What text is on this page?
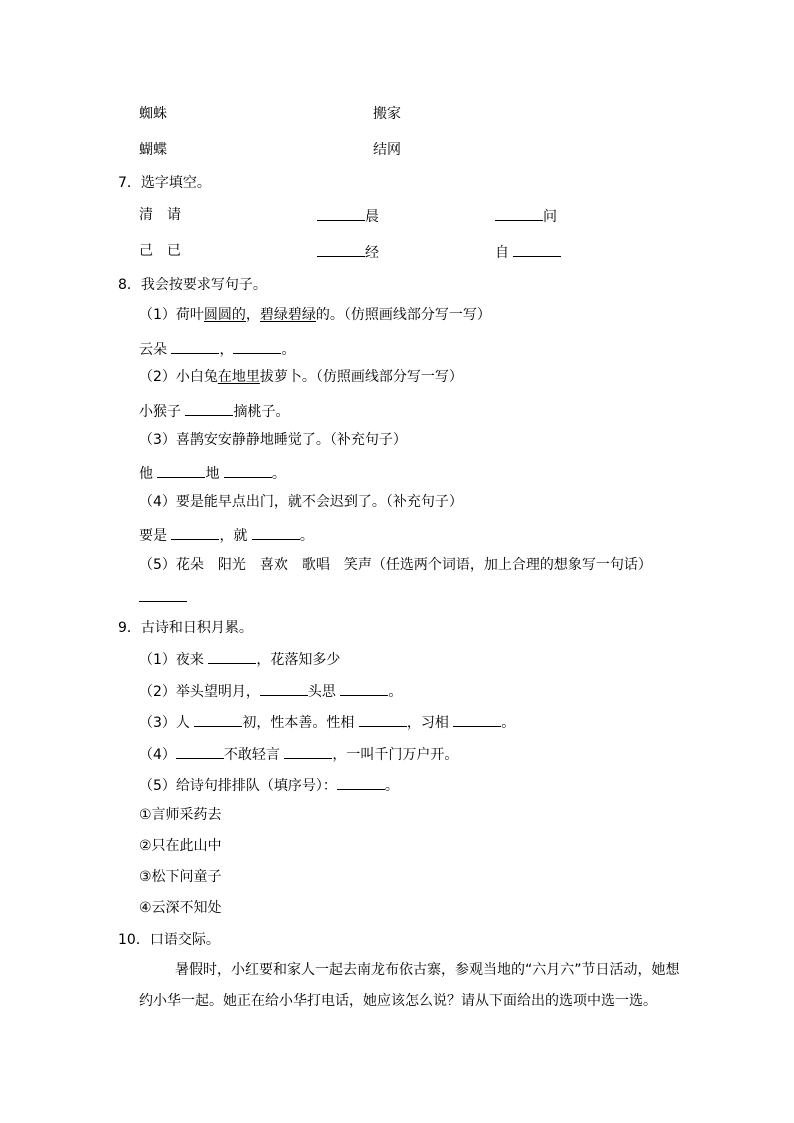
蜘蛛	搬家
蝴蝶	结网
7．选字填空。
清　请	晨	问
己　已	经	自
8．我会按要求写句子。
（1）荷叶圆圆的，碧绿碧绿的。（仿照画线部分写一写）
云朵	，	。
（2）小白兔在地里拔萝卜。（仿照画线部分写一写）
小猴子	摘桃子。
（3）喜鹊安安静静地睡觉了。（补充句子）
他	地	。
（4）要是能早点出门，就不会迟到了。（补充句子）
要是	，就	。
（5）花朵　阳光　喜欢　歌唱　笑声（任选两个词语，加上合理的想象写一句话）
9．古诗和日积月累。
（1）夜来	，花落知多少
（2）举头望明月，	头思	。
（3）人	初，性本善。性相	，习相	。
（4）	不敢轻言	，一叫千门万户开。
（5）给诗句排排队（填序号）：	。
①言师采药去
②只在此山中
③松下问童子
④云深不知处
10．口语交际。
暑假时，小红要和家人一起去南龙布依古寨，参观当地的“六月六”节日活动，她想约小华一起。她正在给小华打电话，她应该怎么说？请从下面给出的选项中选一选。
